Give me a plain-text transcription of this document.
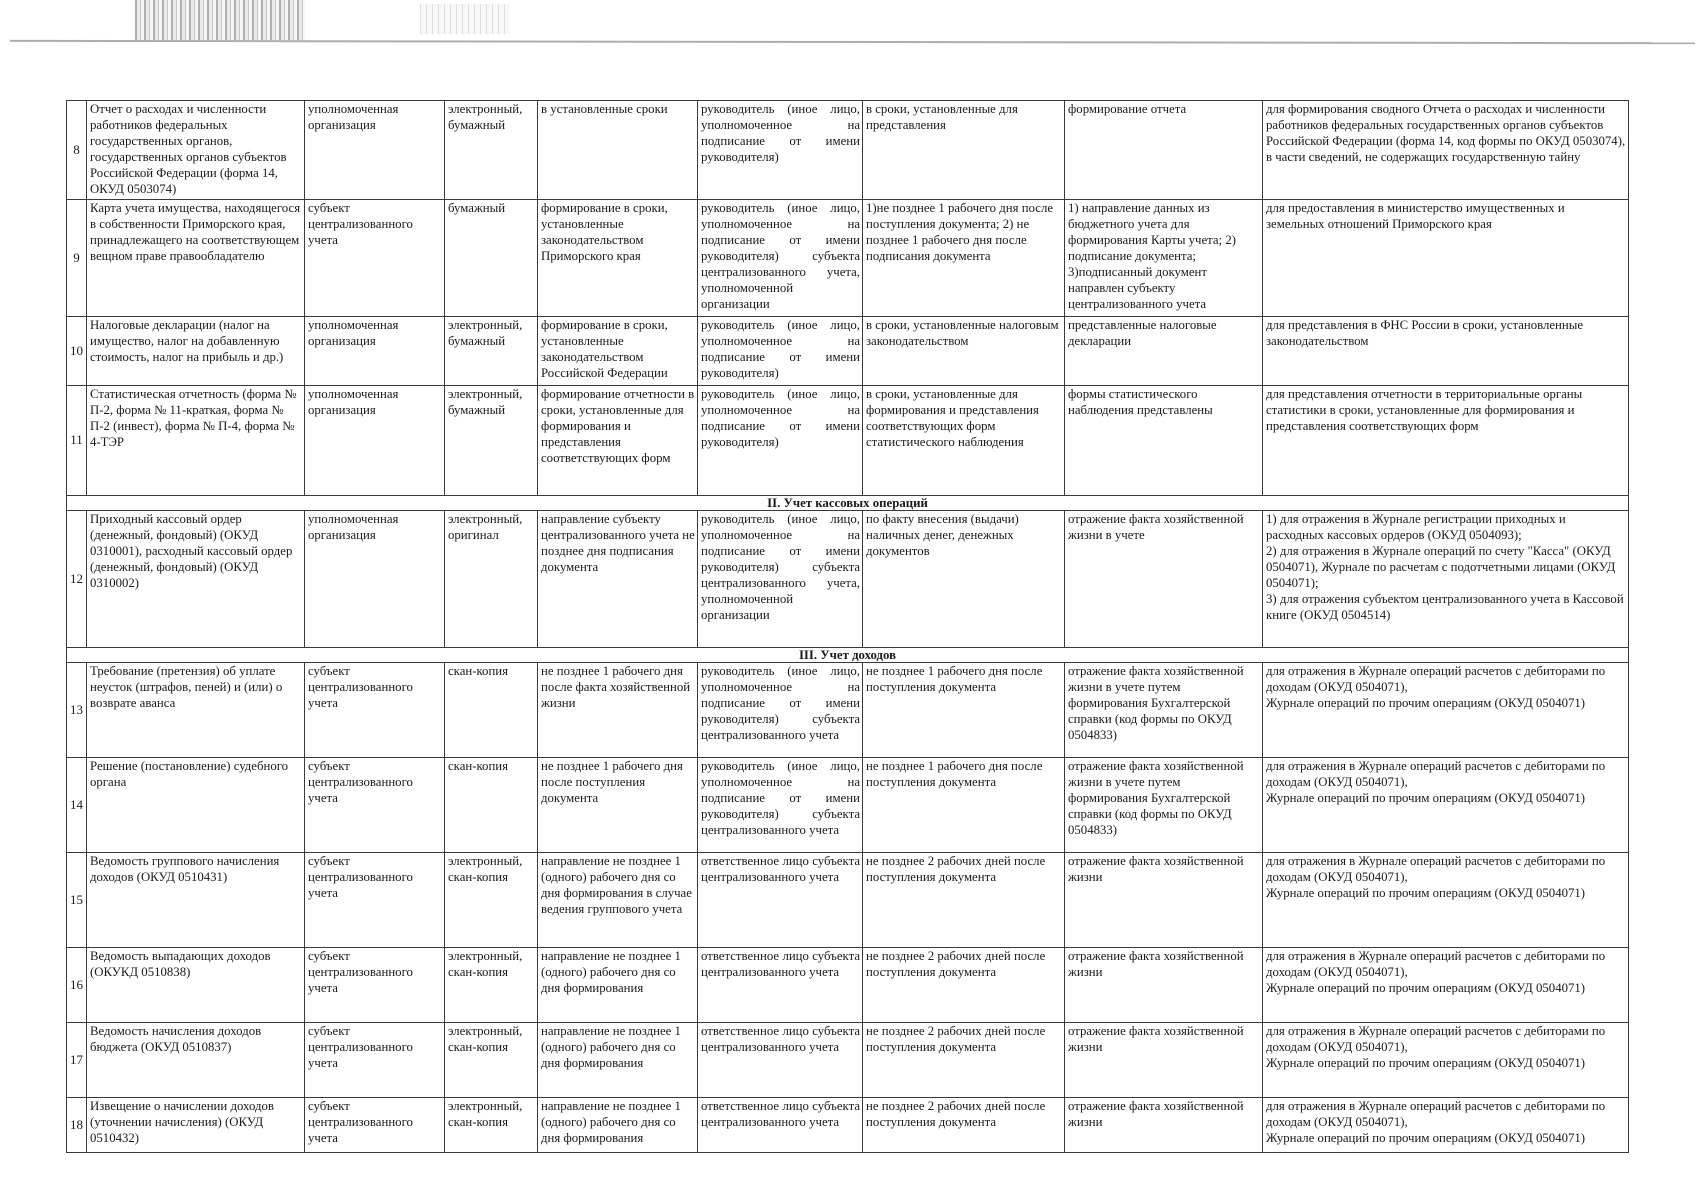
8	Отчет о расходах и численности работников федеральных государственных органов, государственных органов субъектов Российской Федерации (форма 14, ОКУД 0503074)	уполномоченная организация	электронный, бумажный	в установленные сроки	руководитель (иное лицо, уполномоченное на подписание от имени руководителя)	в сроки, установленные для представления	формирование отчета	для формирования сводного Отчета о расходах и численности работников федеральных государственных органов субъектов Российской Федерации (форма 14, код формы по ОКУД 0503074), в части сведений, не содержащих государственную тайну

9	Карта учета имущества, находящегося в собственности Приморского края, принадлежащего на соответствующем вещном праве правообладателю	субъект централизованного учета	бумажный	формирование в сроки, установленные законодательством Приморского края	руководитель (иное лицо, уполномоченное на подписание от имени руководителя) субъекта централизованного учета, уполномоченной организации	1)не позднее 1 рабочего дня после поступления документа; 2) не позднее 1 рабочего дня после подписания документа	1) направление данных из бюджетного учета для формирования Карты учета; 2) подписание документа;
3)подписанный документ направлен субъекту централизованного учета	для предоставления в министерство имущественных и земельных отношений Приморского края

10	Налоговые декларации (налог на имущество, налог на добавленную стоимость, налог на прибыль и др.)	уполномоченная организация	электронный, бумажный	формирование в сроки, установленные законодательством Российской Федерации	руководитель (иное лицо, уполномоченное на подписание от имени руководителя)	в сроки, установленные налоговым законодательством	представленные налоговые декларации	для представления в ФНС России в сроки, установленные законодательством

11	Статистическая отчетность (форма № П-2, форма № 11-краткая, форма № П-2 (инвест), форма № П-4, форма № 4-ТЭР	уполномоченная организация	электронный, бумажный	формирование отчетности в сроки, установленные для формирования и представления соответствующих форм	руководитель (иное лицо, уполномоченное на подписание от имени руководителя)	в сроки, установленные для формирования и представления соответствующих форм статистического наблюдения	формы статистического наблюдения представлены	для представления отчетности в территориальные органы статистики в сроки, установленные для формирования и представления соответствующих форм

II. Учет кассовых операций								

12	Приходный кассовый ордер (денежный, фондовый) (ОКУД 0310001), расходный кассовый ордер (денежный, фондовый) (ОКУД 0310002)	уполномоченная организация	электронный, оригинал	направление субъекту централизованного учета не позднее дня подписания документа	руководитель (иное лицо, уполномоченное на подписание от имени руководителя) субъекта централизованного учета, уполномоченной организации	по факту внесения (выдачи) наличных денег, денежных документов	отражение факта хозяйственной жизни в учете	1) для отражения в Журнале регистрации приходных и расходных кассовых ордеров (ОКУД 0504093);
2) для отражения в Журнале операций по счету "Касса" (ОКУД 0504071), Журнале по расчетам с подотчетными лицами (ОКУД 0504071);
3) для отражения субъектом централизованного учета в Кассовой книге (ОКУД 0504514)

III. Учет доходов								

13	Требование (претензия) об уплате неусток (штрафов, пеней) и (или) о возврате аванса	субъект централизованного учета	скан-копия	не позднее 1 рабочего дня после факта хозяйственной жизни	руководитель (иное лицо, уполномоченное на подписание от имени руководителя) субъекта централизованного учета	не позднее 1 рабочего дня после поступления документа	отражение факта хозяйственной жизни в учете путем формирования Бухгалтерской справки (код формы по ОКУД 0504833)	для отражения в Журнале операций расчетов с дебиторами по доходам (ОКУД 0504071),
Журнале операций по прочим операциям (ОКУД 0504071)

14	Решение (постановление) судебного органа	субъект централизованного учета	скан-копия	не позднее 1 рабочего дня после поступления документа	руководитель (иное лицо, уполномоченное на подписание от имени руководителя) субъекта централизованного учета	не позднее 1 рабочего дня после поступления документа	отражение факта хозяйственной жизни в учете путем формирования Бухгалтерской справки (код формы по ОКУД 0504833)	для отражения в Журнале операций расчетов с дебиторами по доходам (ОКУД 0504071),
Журнале операций по прочим операциям (ОКУД 0504071)

15	Ведомость группового начисления доходов (ОКУД 0510431)	субъект централизованного учета	электронный, скан-копия	направление не позднее 1 (одного) рабочего дня со дня формирования в случае ведения группового учета	ответственное лицо субъекта централизованного учета	не позднее 2 рабочих дней после поступления документа	отражение факта хозяйственной жизни	для отражения в Журнале операций расчетов с дебиторами по доходам (ОКУД 0504071),
Журнале операций по прочим операциям (ОКУД 0504071)

16	Ведомость выпадающих доходов (ОКУКД 0510838)	субъект централизованного учета	электронный, скан-копия	направление не позднее 1 (одного) рабочего дня со дня формирования	ответственное лицо субъекта централизованного учета	не позднее 2 рабочих дней после поступления документа	отражение факта хозяйственной жизни	для отражения в Журнале операций расчетов с дебиторами по доходам (ОКУД 0504071),
Журнале операций по прочим операциям (ОКУД 0504071)

17	Ведомость начисления доходов бюджета (ОКУД 0510837)	субъект централизованного учета	электронный, скан-копия	направление не позднее 1 (одного) рабочего дня со дня формирования	ответственное лицо субъекта централизованного учета	не позднее 2 рабочих дней после поступления документа	отражение факта хозяйственной жизни	для отражения в Журнале операций расчетов с дебиторами по доходам (ОКУД 0504071),
Журнале операций по прочим операциям (ОКУД 0504071)

18	Извещение о начислении доходов (уточнении начисления) (ОКУД 0510432)	субъект централизованного учета	электронный, скан-копия	направление не позднее 1 (одного) рабочего дня со дня формирования	ответственное лицо субъекта централизованного учета	не позднее 2 рабочих дней после поступления документа	отражение факта хозяйственной жизни	для отражения в Журнале операций расчетов с дебиторами по доходам (ОКУД 0504071),
Журнале операций по прочим операциям (ОКУД 0504071)
